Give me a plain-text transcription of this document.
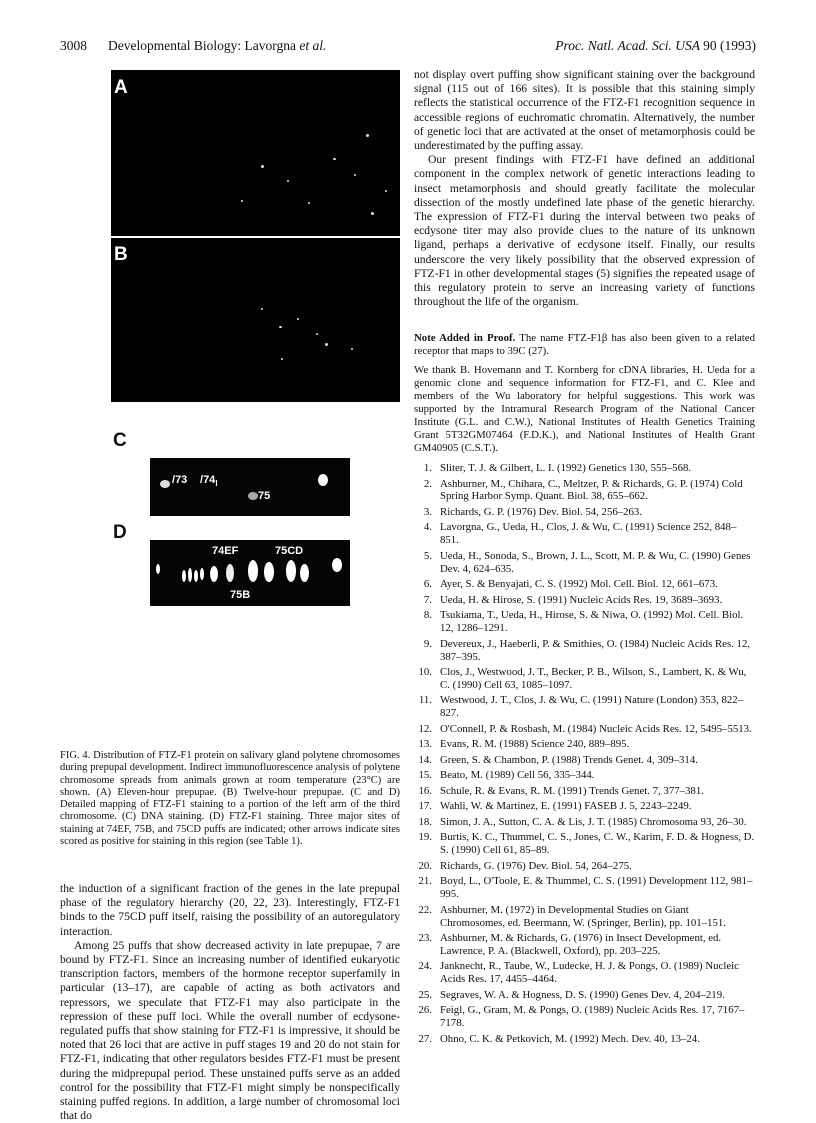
3008 Developmental Biology: Lavorgna et al.	Proc. Natl. Acad. Sci. USA 90 (1993)
A
B
C
/73 $/74_l$
75
D
74EF	75CD
75B
FIG. 4. Distribution of FTZ-F1 protein on salivary gland polytene chromosomes during prepupal development. Indirect immunofluorescence analysis of polytene chromosome spreads from animals grown at room temperature (23°C) are shown. (A) Eleven-hour prepupae. (B) Twelve-hour prepupae. (C and D) Detailed mapping of FTZ-F1 staining to a portion of the left arm of the third chromosome. (C) DNA staining. (D) FTZ-F1 staining. Three major sites of staining at 74EF, 75B, and 75CD puffs are indicated; other arrows indicate sites scored as positive for staining in this region (see Table 1).

the induction of a significant fraction of the genes in the late prepupal phase of the regulatory hierarchy (20, 22, 23). Interestingly, FTZ-F1 binds to the 75CD puff itself, raising the possibility of an autoregulatory interaction.

Among 25 puffs that show decreased activity in late prepupae, 7 are bound by FTZ-F1. Since an increasing number of identified eukaryotic transcription factors, members of the hormone receptor superfamily in particular (13–17), are capable of acting as both activators and repressors, we speculate that FTZ-F1 may also participate in the repression of these puff loci. While the overall number of ecdysone-regulated puffs that show staining for FTZ-F1 is impressive, it should be noted that 26 loci that are active in puff stages 19 and 20 do not stain for FTZ-F1, indicating that other regulators besides FTZ-F1 must be present during the midprepupal period. These unstained puffs serve as an added control for the possibility that FTZ-F1 might simply be nonspecifically staining puffed regions. In addition, a large number of chromosomal loci that do

not display overt puffing show significant staining over the background signal (115 out of 166 sites). It is possible that this staining simply reflects the statistical occurrence of the FTZ-F1 recognition sequence in accessible regions of euchromatic chromatin. Alternatively, the number of genetic loci that are activated at the onset of metamorphosis could be underestimated by the puffing assay.

Our present findings with FTZ-F1 have defined an additional component in the complex network of genetic interactions leading to insect metamorphosis and should greatly facilitate the molecular dissection of the mostly undefined late phase of the genetic hierarchy. The expression of FTZ-F1 during the interval between two peaks of ecdysone titer may also provide clues to the nature of its unknown ligand, perhaps a derivative of ecdysone itself. Finally, our results underscore the very likely possibility that the observed expression of FTZ-F1 in other developmental stages (5) signifies the repeated usage of this regulatory protein to serve an increasing variety of functions throughout the life of the organism.

Note Added in Proof. The name FTZ-F1β has also been given to a related receptor that maps to 39C (27).
We thank B. Hovemann and T. Kornberg for cDNA libraries, H. Ueda for a genomic clone and sequence information for FTZ-F1, and C. Klee and members of the Wu laboratory for helpful suggestions. This work was supported by the Intramural Research Program of the National Cancer Institute (G.L. and C.W.), National Institutes of Health Genetics Training Grant 5T32GM07464 (F.D.K.), and National Institutes of Health Grant GM40905 (C.S.T.).
1. Sliter, T. J. & Gilbert, L. I. (1992) Genetics 130, 555–568.
2. Ashburner, M., Chihara, C., Meltzer, P. & Richards, G. P. (1974) Cold Spring Harbor Symp. Quant. Biol. 38, 655–662.
3. Richards, G. P. (1976) Dev. Biol. 54, 256–263.
4. Lavorgna, G., Ueda, H., Clos, J. & Wu, C. (1991) Science 252, 848–851.
5. Ueda, H., Sonoda, S., Brown, J. L., Scott, M. P. & Wu, C. (1990) Genes Dev. 4, 624–635.
6. Ayer, S. & Benyajati, C. S. (1992) Mol. Cell. Biol. 12, 661–673.
7. Ueda, H. & Hirose, S. (1991) Nucleic Acids Res. 19, 3689–3693.
8. Tsukiama, T., Ueda, H., Hirose, S. & Niwa, O. (1992) Mol. Cell. Biol. 12, 1286–1291.
9. Devereux, J., Haeberli, P. & Smithies, O. (1984) Nucleic Acids Res. 12, 387–395.
10. Clos, J., Westwood, J. T., Becker, P. B., Wilson, S., Lambert, K. & Wu, C. (1990) Cell 63, 1085–1097.
11. Westwood, J. T., Clos, J. & Wu, C. (1991) Nature (London) 353, 822–827.
12. O'Connell, P. & Rosbash, M. (1984) Nucleic Acids Res. 12, 5495–5513.
13. Evans, R. M. (1988) Science 240, 889–895.
14. Green, S. & Chambon, P. (1988) Trends Genet. 4, 309–314.
15. Beato, M. (1989) Cell 56, 335–344.
16. Schule, R. & Evans, R. M. (1991) Trends Genet. 7, 377–381.
17. Wahli, W. & Martinez, E. (1991) FASEB J. 5, 2243–2249.
18. Simon, J. A., Sutton, C. A. & Lis, J. T. (1985) Chromosoma 93, 26–30.
19. Burtis, K. C., Thummel, C. S., Jones, C. W., Karim, F. D. & Hogness, D. S. (1990) Cell 61, 85–89.
20. Richards, G. (1976) Dev. Biol. 54, 264–275.
21. Boyd, L., O'Toole, E. & Thummel, C. S. (1991) Development 112, 981–995.
22. Ashburner, M. (1972) in Developmental Studies on Giant Chromosomes, ed. Beermann, W. (Springer, Berlin), pp. 101–151.
23. Ashburner, M. & Richards, G. (1976) in Insect Development, ed. Lawrence, P. A. (Blackwell, Oxford), pp. 203–225.
24. Janknecht, R., Taube, W., Ludecke, H. J. & Pongs, O. (1989) Nucleic Acids Res. 17, 4455–4464.
25. Segraves, W. A. & Hogness, D. S. (1990) Genes Dev. 4, 204–219.
26. Feigl, G., Gram, M. & Pongs, O. (1989) Nucleic Acids Res. 17, 7167–7178.
27. Ohno, C. K. & Petkovich, M. (1992) Mech. Dev. 40, 13–24.
